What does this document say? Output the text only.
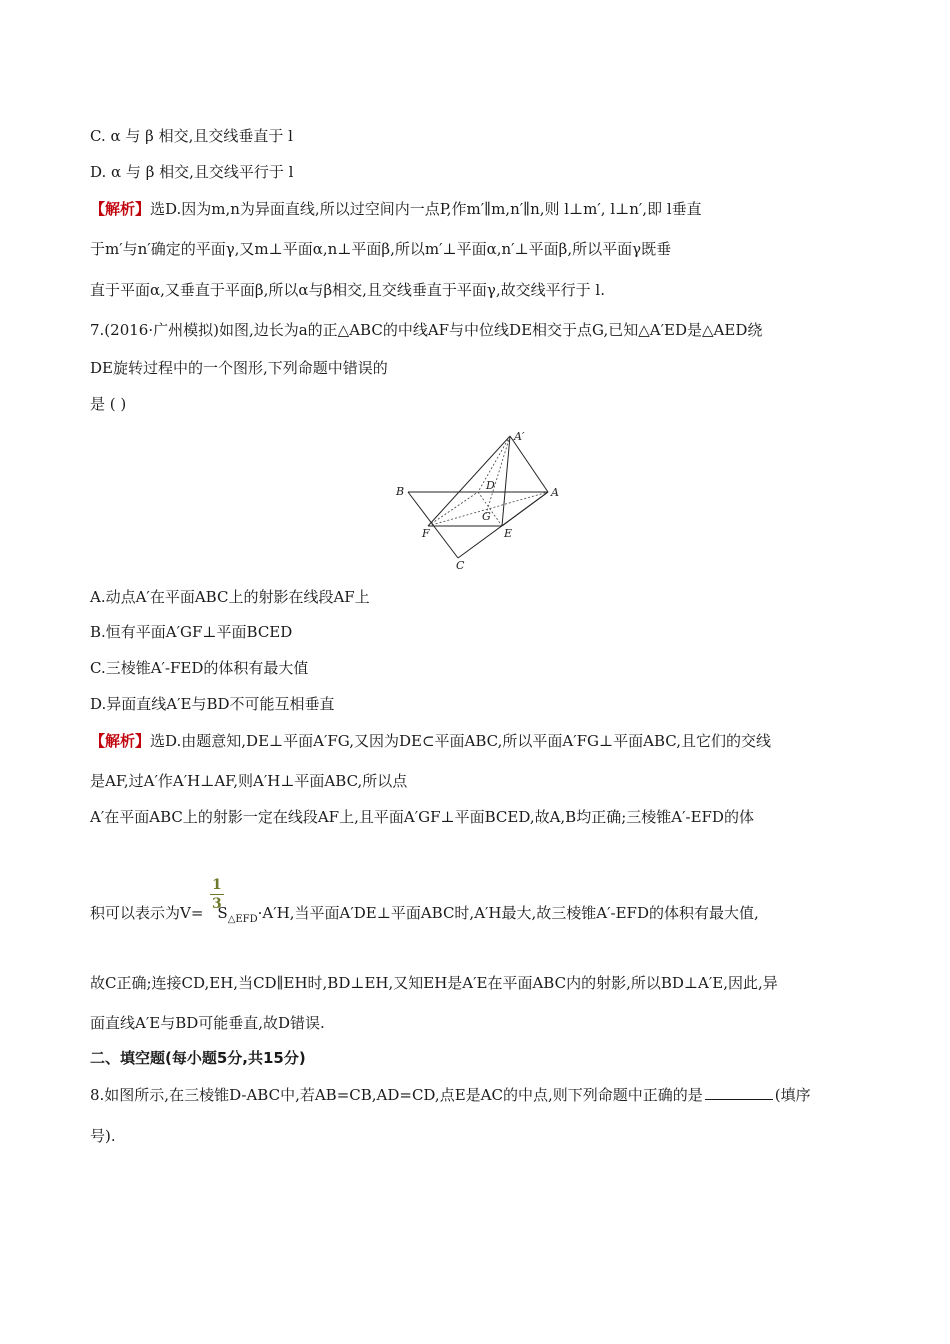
C. α 与 β 相交,且交线垂直于 l
D. α 与 β 相交,且交线平行于 l
【解析】选D.因为m,n为异面直线,所以过空间内一点P,作m′∥m,n′∥n,则 l⊥m′, l⊥n′,即 l垂直
于m′与n′确定的平面γ,又m⊥平面α,n⊥平面β,所以m′⊥平面α,n′⊥平面β,所以平面γ既垂
直于平面α,又垂直于平面β,所以α与β相交,且交线垂直于平面γ,故交线平行于 l.
7.(2016·广州模拟)如图,边长为a的正△ABC的中线AF与中位线DE相交于点G,已知△A′ED是△AED绕
DE旋转过程中的一个图形,下列命题中错误的
是 ( )
A′
B	A
D
G
F	E
C
A.动点A′在平面ABC上的射影在线段AF上
B.恒有平面A′GF⊥平面BCED
C.三棱锥A′-FED的体积有最大值
D.异面直线A′E与BD不可能互相垂直
【解析】选D.由题意知,DE⊥平面A′FG,又因为DE⊂平面ABC,所以平面A′FG⊥平面ABC,且它们的交线
是AF,过A′作A′H⊥AF,则A′H⊥平面ABC,所以点
A′在平面ABC上的射影一定在线段AF上,且平面A′GF⊥平面BCED,故A,B均正确;三棱锥A′-EFD的体
$\frac{1}{3}$
积可以表示为$V= S_{\triangle EFD}\cdot A'H$,当平面A′DE⊥平面ABC时,A′H最大,故三棱锥A′-EFD的体积有最大值,
故C正确;连接CD,EH,当CD∥EH时,BD⊥EH,又知EH是A′E在平面ABC内的射影,所以BD⊥A′E,因此,异
面直线A′E与BD可能垂直,故D错误.
二、填空题(每小题5分,共15分)
8.如图所示,在三棱锥D-ABC中,若AB=CB,AD=CD,点E是AC的中点,则下列命题中正确的是	(填序
号).
